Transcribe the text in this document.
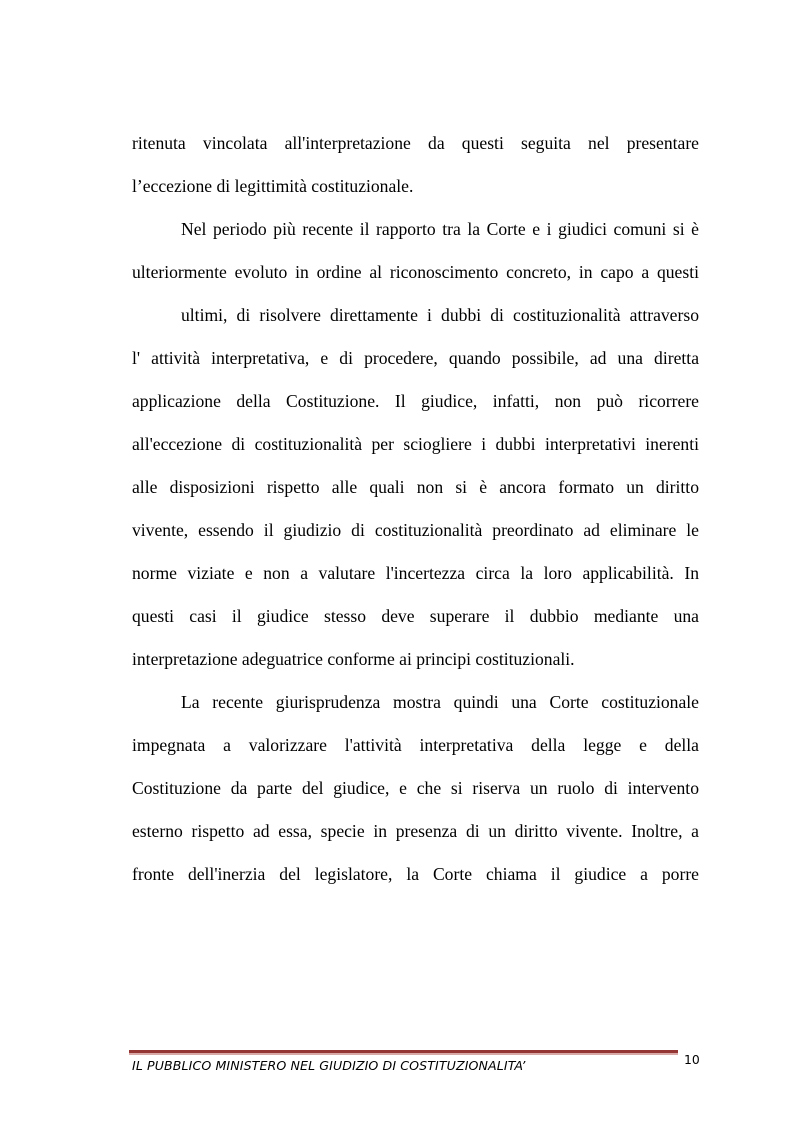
ritenuta vincolata all'interpretazione da questi seguita nel presentare
l’eccezione di legittimità costituzionale.
Nel periodo più recente il rapporto tra la Corte e i giudici comuni si è
ulteriormente evoluto in ordine al riconoscimento concreto, in capo a questi
ultimi, di risolvere direttamente i dubbi di costituzionalità attraverso
l' attività interpretativa, e di procedere, quando possibile, ad una diretta
applicazione della Costituzione. Il giudice, infatti, non può ricorrere
all'eccezione di costituzionalità per sciogliere i dubbi interpretativi inerenti
alle disposizioni rispetto alle quali non si è ancora formato un diritto
vivente, essendo il giudizio di costituzionalità preordinato ad eliminare le
norme viziate e non a valutare l'incertezza circa la loro applicabilità. In
questi casi il giudice stesso deve superare il dubbio mediante una
interpretazione adeguatrice conforme ai principi costituzionali.
La recente giurisprudenza mostra quindi una Corte costituzionale
impegnata a valorizzare l'attività interpretativa della legge e della
Costituzione da parte del giudice, e che si riserva un ruolo di intervento
esterno rispetto ad essa, specie in presenza di un diritto vivente. Inoltre, a
fronte dell'inerzia del legislatore, la Corte chiama il giudice a porre
IL PUBBLICO MINISTERO NEL GIUDIZIO DI COSTITUZIONALITA’	10
